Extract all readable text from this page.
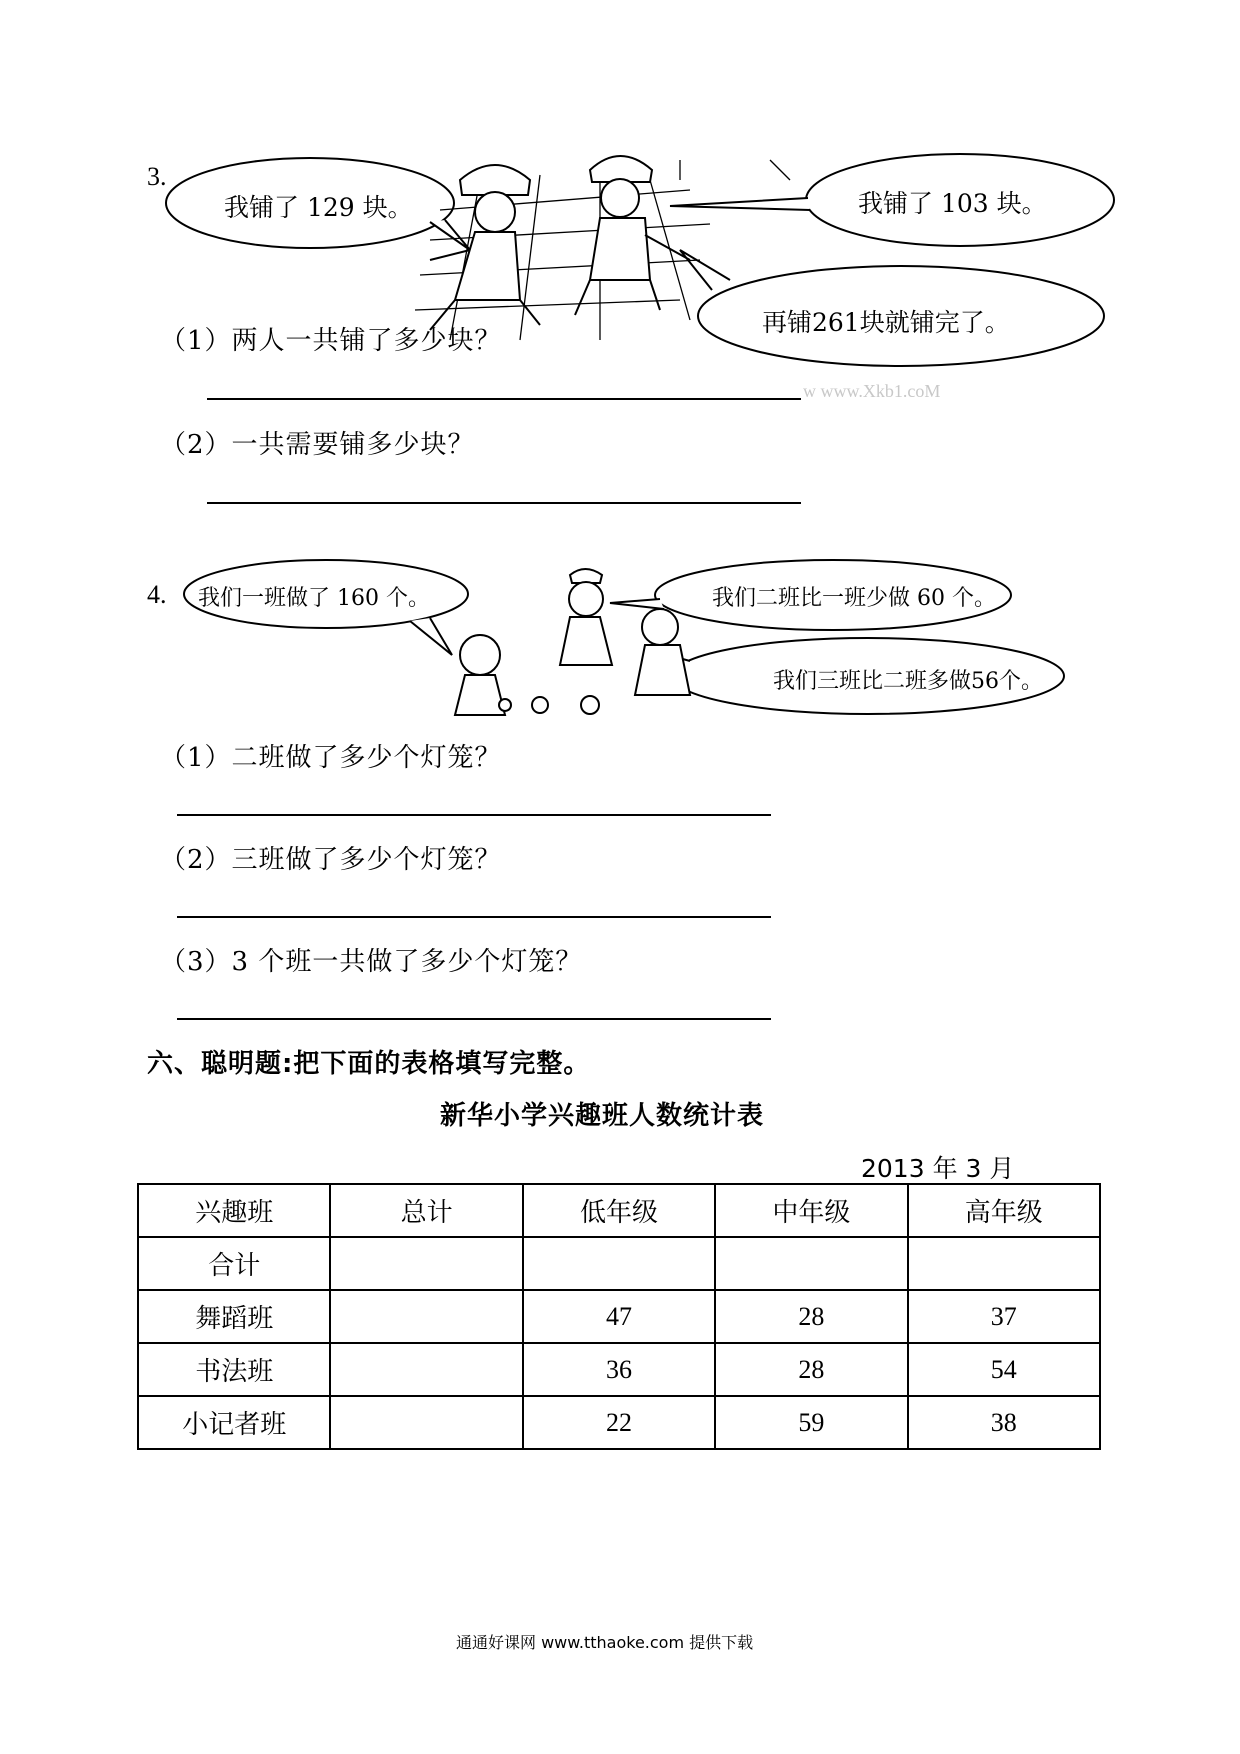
3.
我铺了 129 块。	我铺了 103 块。
再铺261块就铺完了。
（1）两人一共铺了多少块？
w www.Xkb1.coM
（2）一共需要铺多少块？
4. 我们一班做了 160 个。	我们二班比一班少做 60 个。
我们三班比二班多做56个。
（1）二班做了多少个灯笼？
（2）三班做了多少个灯笼？
（3）3 个班一共做了多少个灯笼？
六、聪明题:把下面的表格填写完整。
新华小学兴趣班人数统计表
2013 年 3 月
兴趣班	总计	低年级	中年级	高年级
合计				
舞蹈班		47	28	37
书法班		36	28	54
小记者班		22	59	38
通通好课网 www.tthaoke.com 提供下载
